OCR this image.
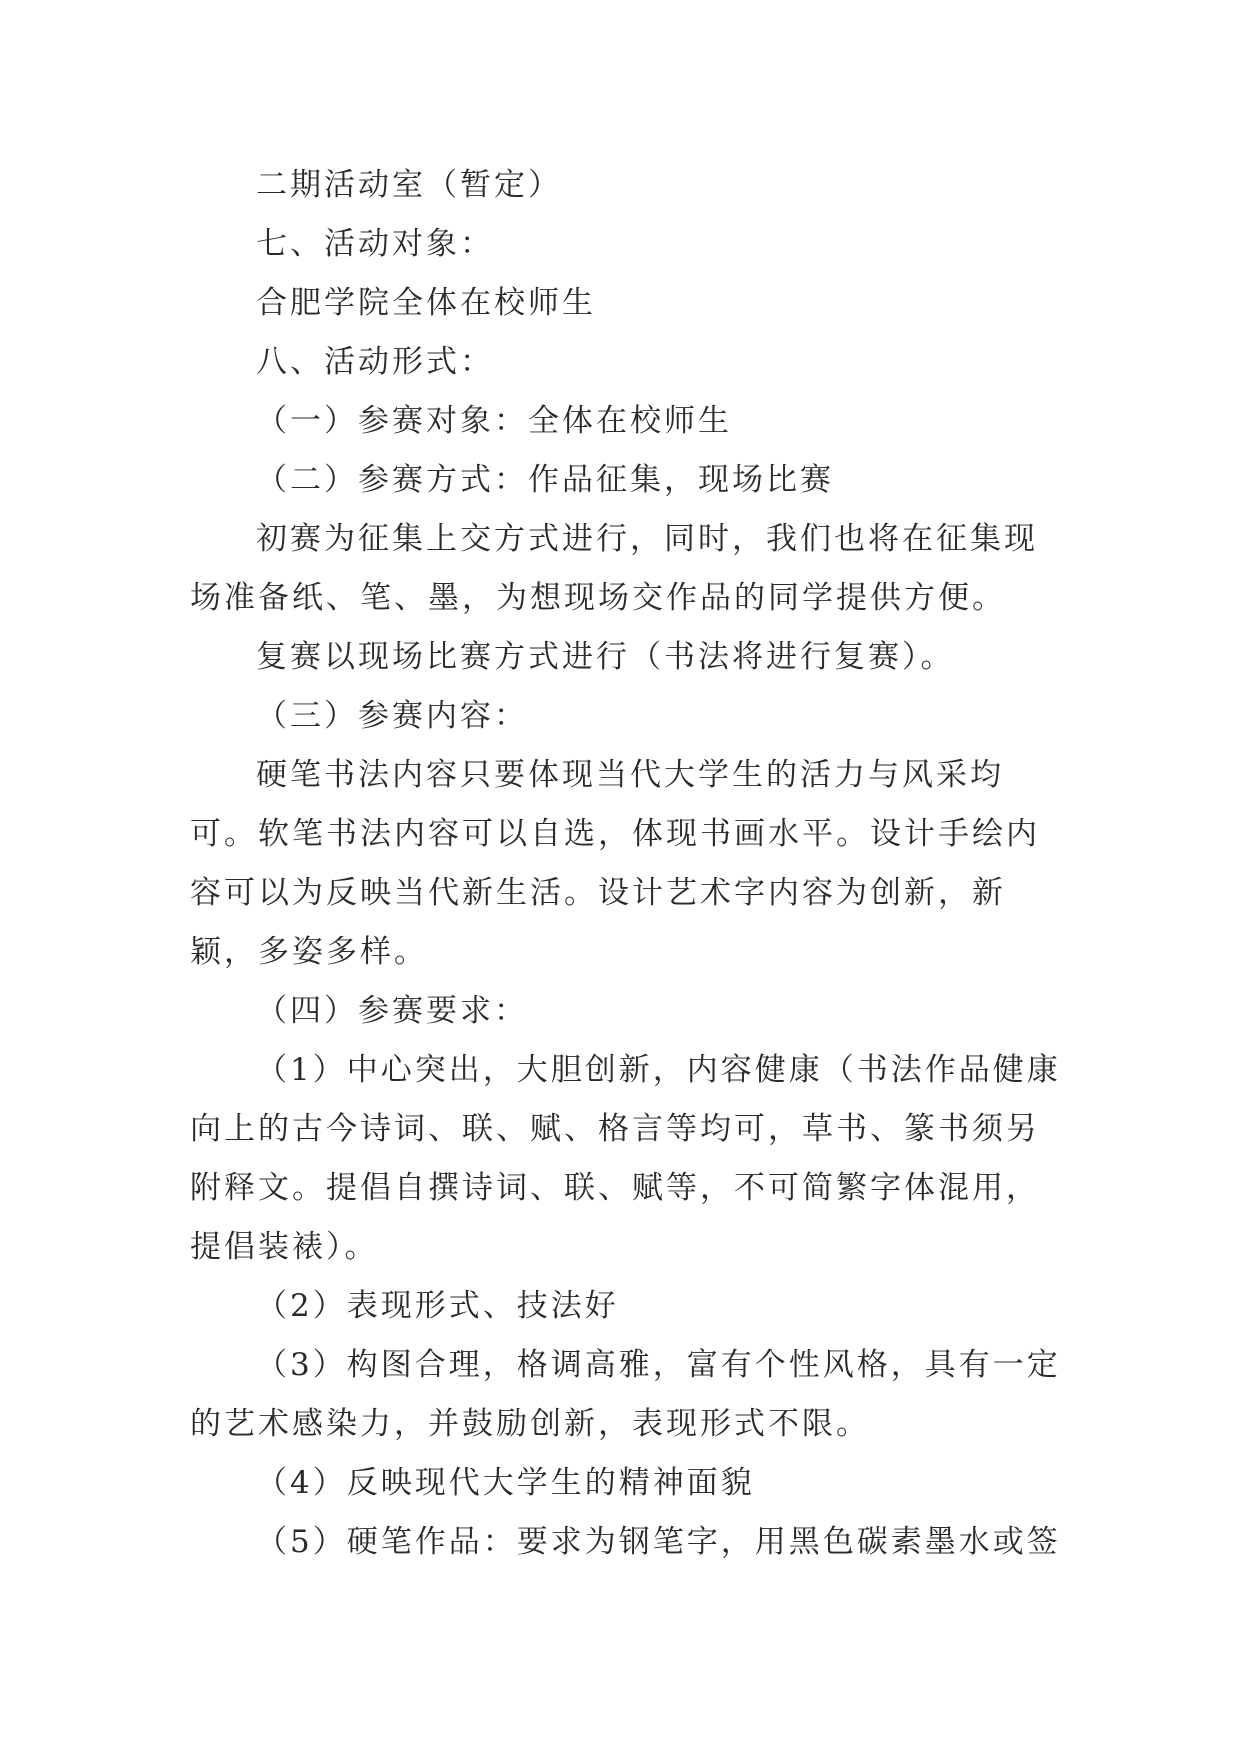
二期活动室（暂定）

七、活动对象：

合肥学院全体在校师生

八、活动形式：

（一）参赛对象：全体在校师生

（二）参赛方式：作品征集，现场比赛

初赛为征集上交方式进行，同时，我们也将在征集现场准备纸、笔、墨，为想现场交作品的同学提供方便。

复赛以现场比赛方式进行（书法将进行复赛）。

（三）参赛内容：

硬笔书法内容只要体现当代大学生的活力与风采均可。软笔书法内容可以自选，体现书画水平。设计手绘内容可以为反映当代新生活。设计艺术字内容为创新，新颖，多姿多样。

（四）参赛要求：

（1）中心突出，大胆创新，内容健康（书法作品健康向上的古今诗词、联、赋、格言等均可，草书、篆书须另附释文。提倡自撰诗词、联、赋等，不可简繁字体混用，提倡装裱）。

（2）表现形式、技法好

（3）构图合理，格调高雅，富有个性风格，具有一定的艺术感染力，并鼓励创新，表现形式不限。

（4）反映现代大学生的精神面貌

（5）硬笔作品：要求为钢笔字，用黑色碳素墨水或签
